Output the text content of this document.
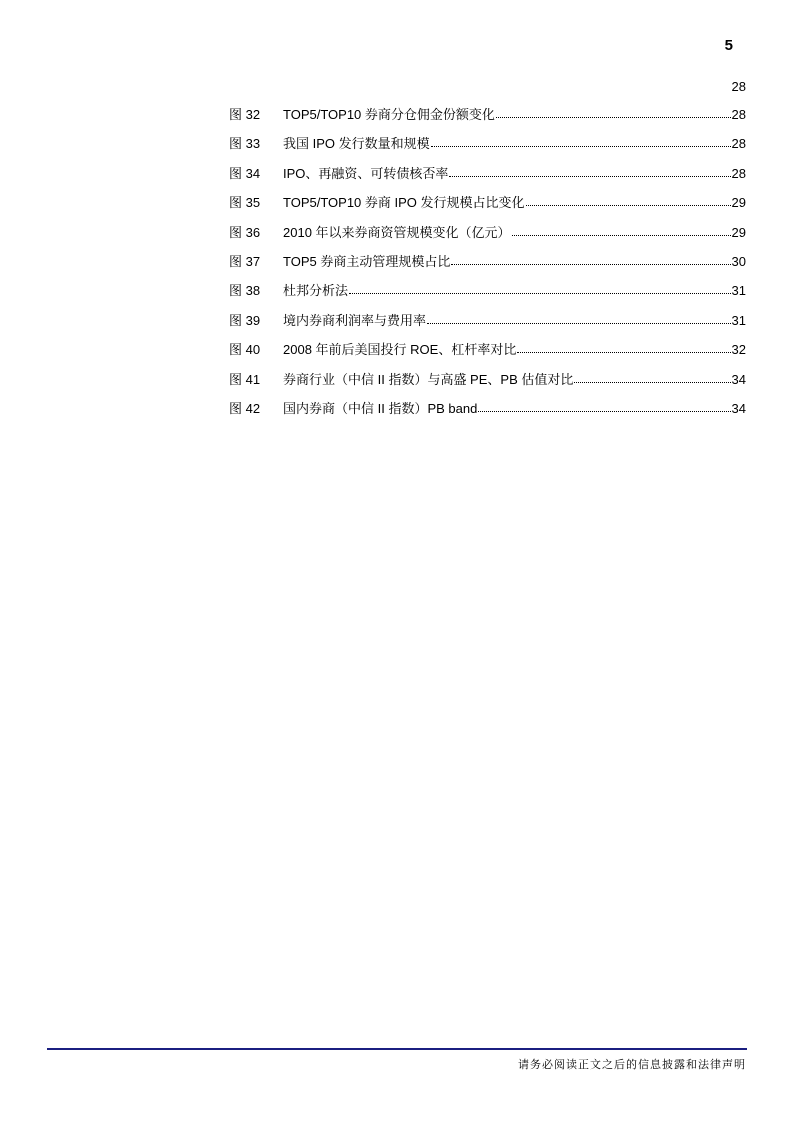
5
28
图 32	TOP5/TOP10 券商分仓佣金份额变化	28
图 33	我国 IPO 发行数量和规模	28
图 34	IPO、再融资、可转债核否率	28
图 35	TOP5/TOP10 券商 IPO 发行规模占比变化	29
图 36	2010 年以来券商资管规模变化（亿元）	29
图 37	TOP5 券商主动管理规模占比	30
图 38	杜邦分析法	31
图 39	境内券商利润率与费用率	31
图 40	2008 年前后美国投行 ROE、杠杆率对比	32
图 41	券商行业（中信 II 指数）与高盛 PE、PB 估值对比	34
图 42	国内券商（中信 II 指数）PB band	34
请务必阅读正文之后的信息披露和法律声明
